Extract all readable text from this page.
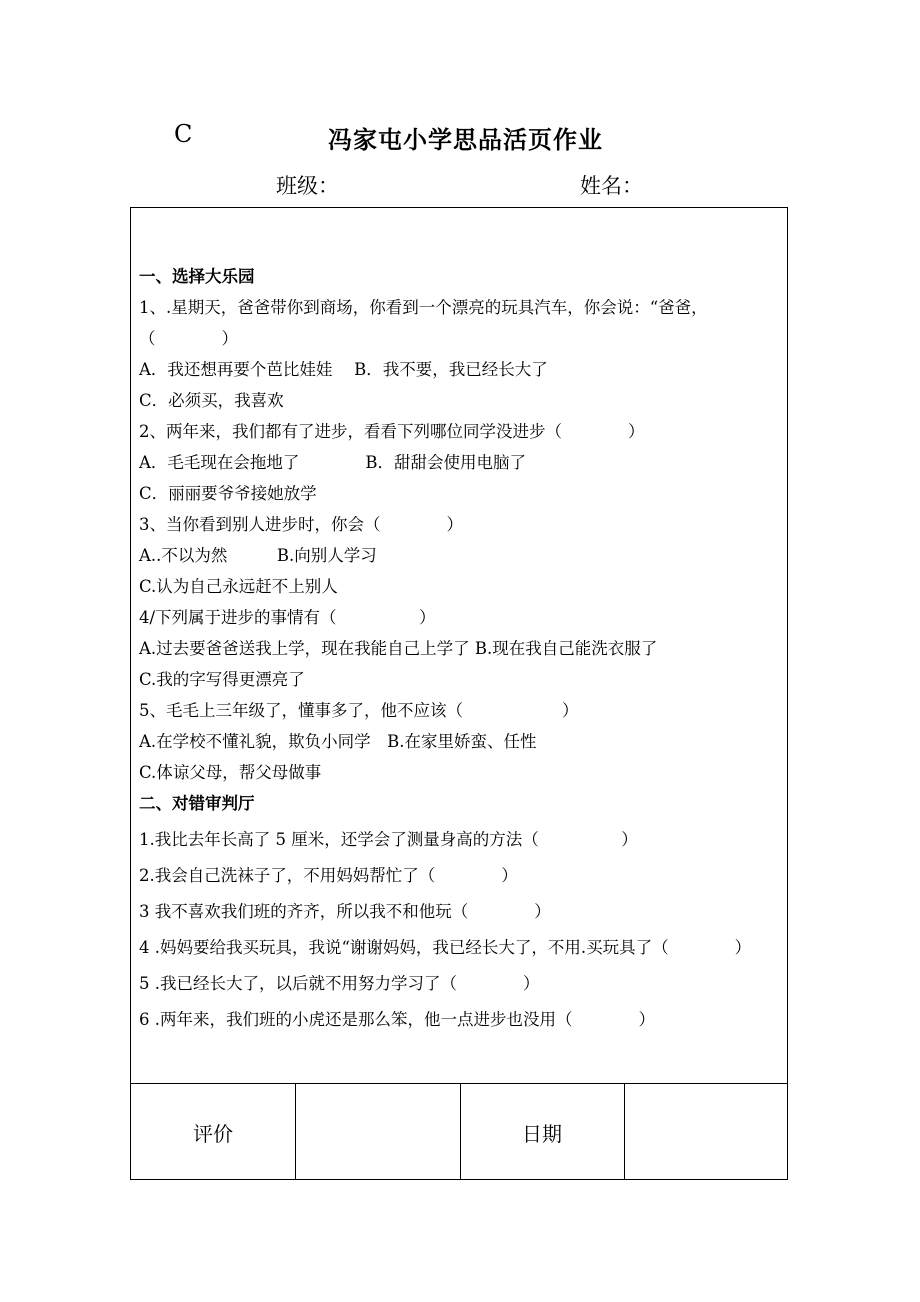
C	冯家屯小学思品活页作业
班级：	姓名：
一、选择大乐园
1、.星期天，爸爸带你到商场，你看到一个漂亮的玩具汽车，你会说：“爸爸，
（　　　　）
A．我还想再要个芭比娃娃　 B．我不要，我已经长大了
C．必须买，我喜欢
2、两年来，我们都有了进步，看看下列哪位同学没进步（　　　　）
A．毛毛现在会拖地了　　　　B．甜甜会使用电脑了
C．丽丽要爷爷接她放学
3、当你看到别人进步时，你会（　　　　）
A..不以为然　　　B.向别人学习
C.认为自己永远赶不上别人
4/下列属于进步的事情有（　　　　　）
A.过去要爸爸送我上学，现在我能自己上学了 B.现在我自己能洗衣服了
C.我的字写得更漂亮了
5、毛毛上三年级了，懂事多了，他不应该（　　　　　　）
A.在学校不懂礼貌，欺负小同学　B.在家里娇蛮、任性
C.体谅父母，帮父母做事
二、对错审判厅
1.我比去年长高了 5 厘米，还学会了测量身高的方法（　　　　　）
2.我会自己洗袜子了，不用妈妈帮忙了（　　　　）
3 我不喜欢我们班的齐齐，所以我不和他玩（　　　　）
4 .妈妈要给我买玩具，我说“谢谢妈妈，我已经长大了，不用.买玩具了（　　　　）
5 .我已经长大了，以后就不用努力学习了（　　　　）
6 .两年来，我们班的小虎还是那么笨，他一点进步也没用（　　　　）
评价	日期
